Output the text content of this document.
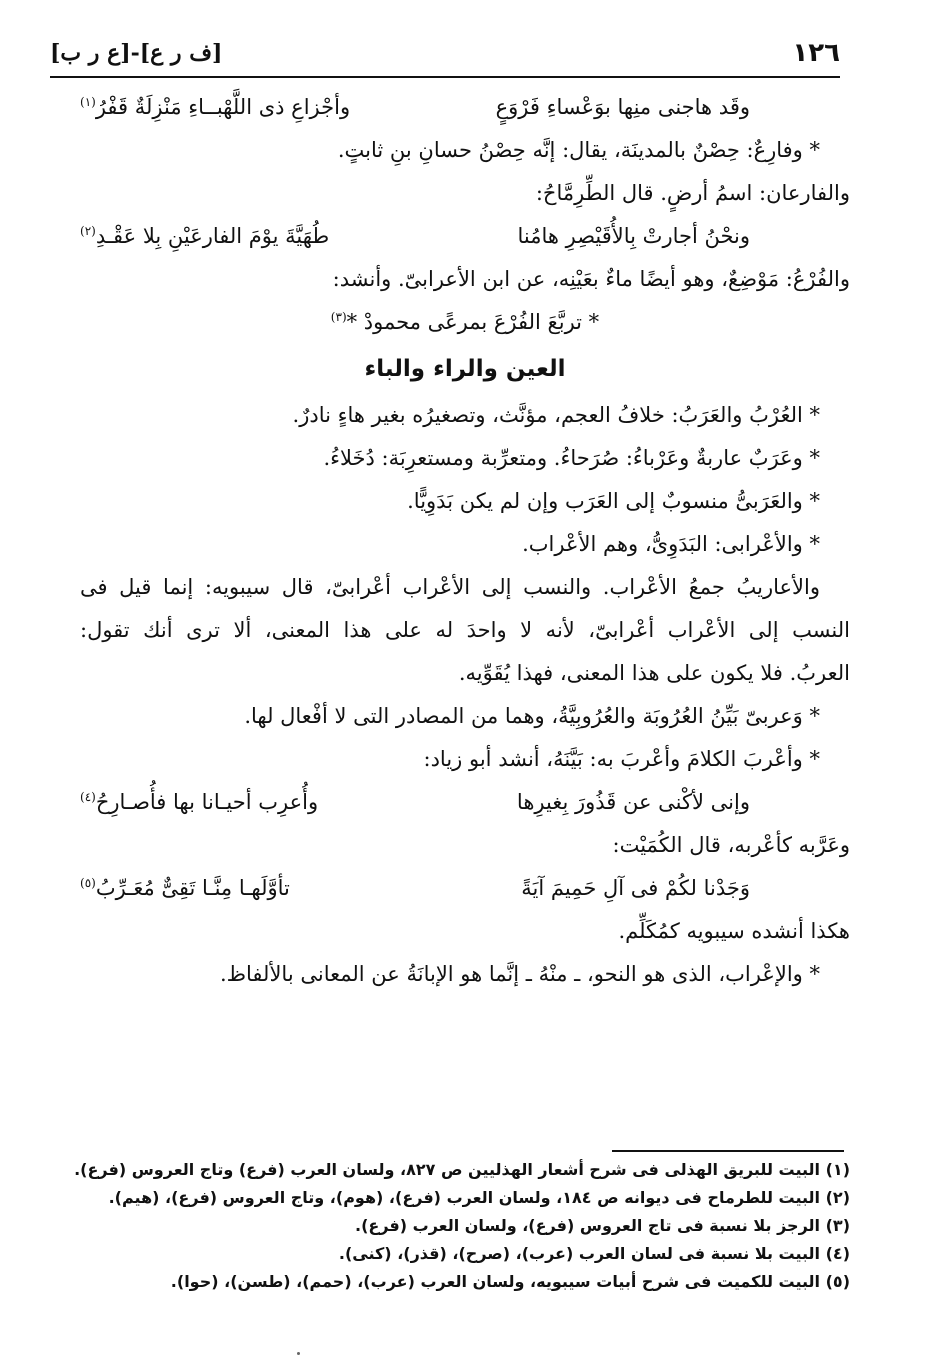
١٢٦
[ف ر ع]-[ع ر ب]
وقَد هاجنى منِها بوَعْساءِ فَرْوَعٍ
وأجْزاعِ ذى اللَّهْبــاءِ مَنْزِلَةٌ قَفْرُ$^{(١)}$
* وفارِعٌ: حِصْنٌ بالمدينَة، يقال: إنَّه حِصْنُ حسانِ بنِ ثابتٍ.
والفارعان: اسمُ أرضٍ. قال الطِّرِمَّاحُ:
ونحْنُ أجارتْ بِالأُقَيْصِرِ هامُنا
طُهَيَّةَ يوْمَ الفارعَيْنِ بِلا عَقْـدِ$^{(٢)}$
والفُرْعُ: مَوْضِعٌ، وهو أيضًا ماءٌ بعَيْنِه، عن ابن الأعرابىّ. وأنشد:
* تربَّعَ الفُرْعَ بمرعًى محمودْ *$^{(٣)}$
العين والراء والباء
* العُرْبُ والعَرَبُ: خلافُ العجم، مؤنَّث، وتصغيرُه بغير هاءٍ نادرٌ.
* وعَرَبٌ عاربةٌ وعَرْباءُ: صُرَحاءُ. ومتعرِّبة ومستعرِبَة: دُخَلاءُ.
* والعَرَبىُّ منسوبٌ إلى العَرَب وإن لم يكن بَدَوِيًّا.
* والأعْرابى: البَدَوِىُّ، وهم الأعْراب.
والأعاريبُ جمعُ الأعْراب. والنسب إلى الأعْراب أعْرابىّ، قال سيبويه: إنما قيل فى
النسب إلى الأعْراب أعْرابىّ، لأنه لا واحدَ له على هذا المعنى، ألا ترى أنك تقول:
العربُ. فلا يكون على هذا المعنى، فهذا يُقَوِّيه.
* وَعربىّ بَيِّنُ العُرُوبَة والعُرُوبِيَّةُ، وهما من المصادر التى لا أفْعال لها.
* وأعْربَ الكلامَ وأعْربَ به: بَيَّنَهُ، أنشد أبو زياد:
وإنى لأكْنى عن قَذُورَ بِغيرِها
وأُعرِب أحيـانا بها فأُصـارِحُ$^{(٤)}$
وعَرَّبه كأعْربه، قال الكُمَيْت:
وَجَدْنا لكُمْ فى آلِ حَمِيمَ آيَةً
تأوَّلَهـا مِنَّـا تَقِىٌّ مُعَـرِّبُ$^{(٥)}$
هكذا أنشده سيبويه كمُكَلِّم.
* والإعْراب، الذى هو النحو، ـ منْهُ ـ إنَّما هو الإبانَةُ عن المعانى بالألفاظ.
(١) البيت للبريق الهذلى فى شرح أشعار الهذليين ص ٨٢٧، ولسان العرب (فرع) وتاج العروس (فرع).
(٢) البيت للطرماح فى ديوانه ص ١٨٤، ولسان العرب (فرع)، (هوم)، وتاج العروس (فرع)، (هيم).
(٣) الرجز بلا نسبة فى تاج العروس (فرع)، ولسان العرب (فرع).
(٤) البيت بلا نسبة فى لسان العرب (عرب)، (صرح)، (قذر)، (كنى).
(٥) البيت للكميت فى شرح أبيات سيبويه، ولسان العرب (عرب)، (حمم)، (طسن)، (حوا).
